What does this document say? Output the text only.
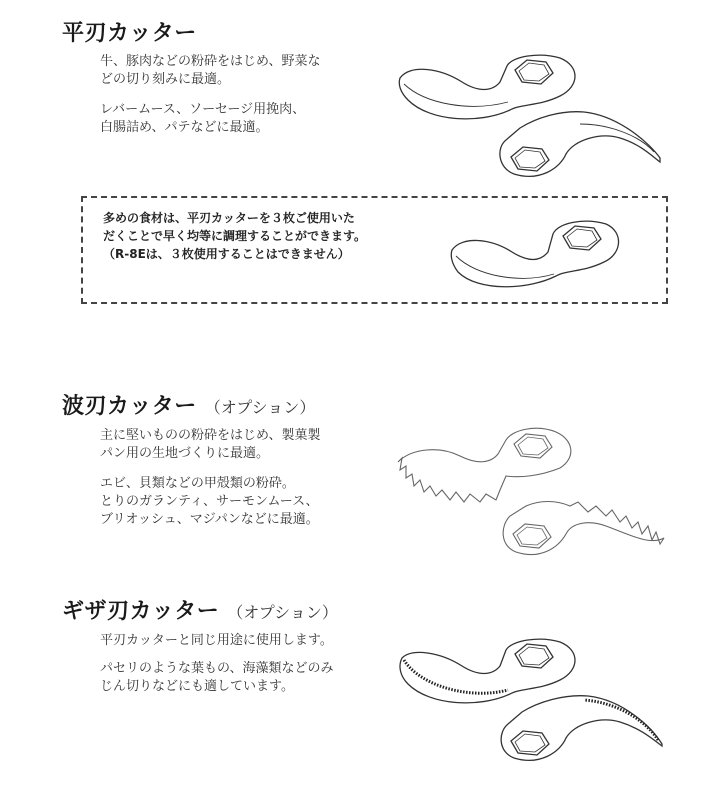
平刃カッター

牛、豚肉などの粉砕をはじめ、野菜な

どの切り刻みに最適。

レバームース、ソーセージ用挽肉、

白腸詰め、パテなどに最適。

多めの食材は、平刃カッターを３枚ご使用いた
だくことで早く均等に調理することができます。
（R-8Eは、３枚使用することはできません）
波刃カッター （オプション）

主に堅いものの粉砕をはじめ、製菓製

パン用の生地づくりに最適。

エビ、貝類などの甲殻類の粉砕。

とりのガランティ、サーモンムース、

ブリオッシュ、マジパンなどに最適。

ギザ刃カッター （オプション）

平刃カッターと同じ用途に使用します。

パセリのような葉もの、海藻類などのみ

じん切りなどにも適しています。
